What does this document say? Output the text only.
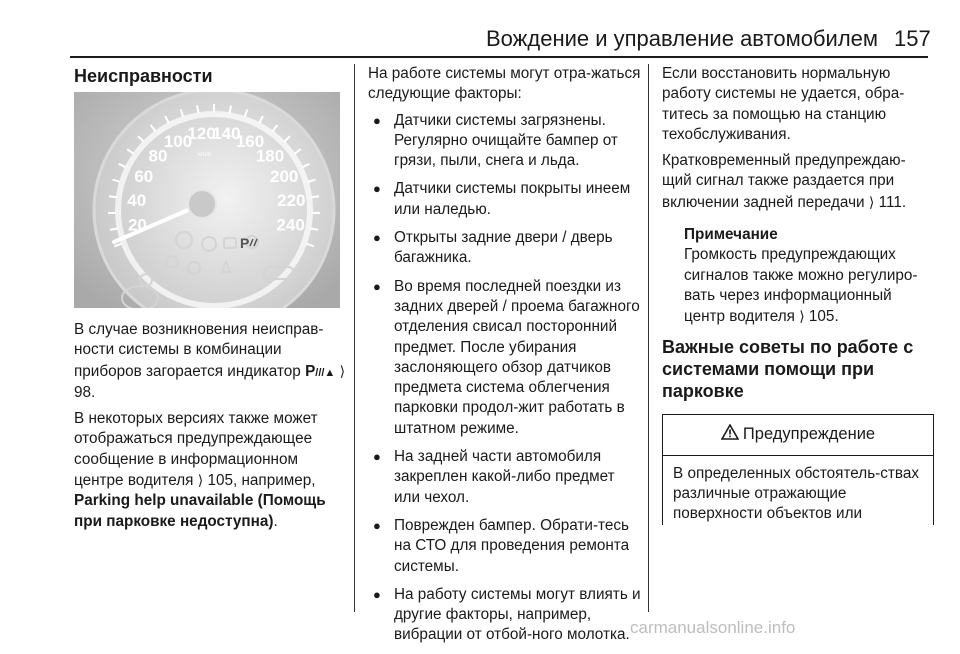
Вождение и управление автомобилем 157
Неисправности
20
40
60
80
100
120
140
160
180
200
220
240
km/h
P

В случае возникновения неисправ-ности системы в комбинации приборов загорается индикатор P///▲ ⟩ 98.

В некоторых версиях также может отображаться предупреждающее сообщение в информационном центре водителя ⟩ 105, например, Parking help unavailable (Помощь при парковке недоступна).

На работе системы могут отра-жаться следующие факторы:

● Датчики системы загрязнены. Регулярно очищайте бампер от грязи, пыли, снега и льда.
● Датчики системы покрыты инеем или наледью.
● Открыты задние двери / дверь багажника.
● Во время последней поездки из задних дверей / проема багажного отделения свисал посторонний предмет. После убирания заслоняющего обзор датчиков предмета система облегчения парковки продол-жит работать в штатном режиме.
● На задней части автомобиля закреплен какой-либо предмет или чехол.
● Поврежден бампер. Обрати-тесь на СТО для проведения ремонта системы.
● На работу системы могут влиять и другие факторы, например, вибрации от отбой-ного молотка.

Если восстановить нормальную работу системы не удается, обра-титесь за помощью на станцию техобслуживания.

Кратковременный предупреждаю-щий сигнал также раздается при включении задней передачи ⟩ 111.

Примечание
Громкость предупреждающих сигналов также можно регулиро-вать через информационный центр водителя ⟩ 105.
Важные советы по работе с системами помощи при парковке
Предупреждение
В определенных обстоятель-ствах различные отражающие поверхности объектов или
carmanualsonline.info
